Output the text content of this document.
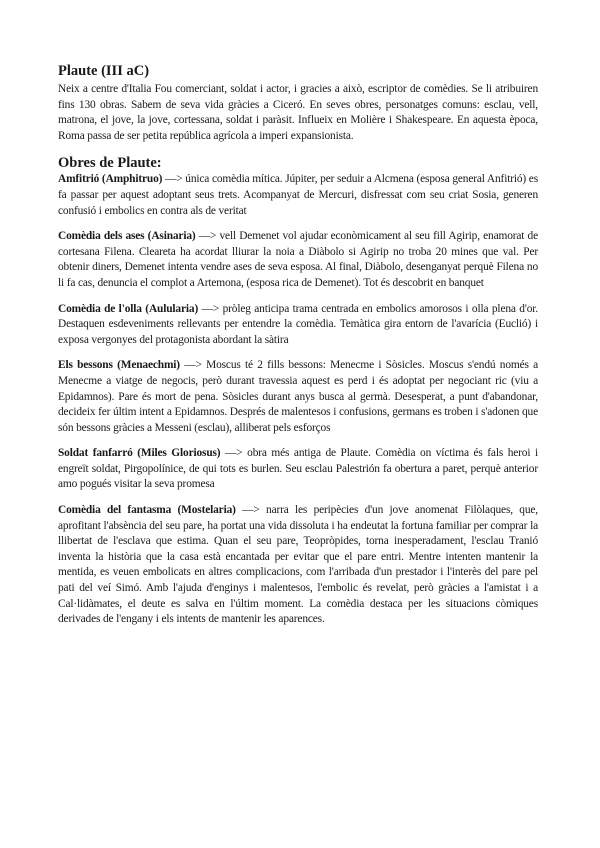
Plaute (III aC)

Neix a centre d'Italia Fou comerciant, soldat i actor, i gracies a això, escriptor de comèdies. Se li atribuiren fins 130 obras. Sabem de seva vida gràcies a Ciceró. En seves obres, personatges comuns: esclau, vell, matrona, el jove, la jove, cortessana, soldat i paràsit. Influeix en Molière i Shakespeare. En aquesta època, Roma passa de ser petita república agrícola a imperi expansionista.

Obres de Plaute:

Amfitrió (Amphitruo) —> única comèdia mítica. Júpiter, per seduir a Alcmena (esposa general Anfitrió) es fa passar per aquest adoptant seus trets. Acompanyat de Mercuri, disfressat com seu criat Sosia, generen confusió i embolics en contra als de veritat

Comèdia dels ases (Asinaria) —> vell Demenet vol ajudar econòmicament al seu fill Agirip, enamorat de cortesana Filena. Cleareta ha acordat lliurar la noia a Diàbolo si Agirip no troba 20 mines que val. Per obtenir diners, Demenet intenta vendre ases de seva esposa. Al final, Diàbolo, desenganyat perquè Filena no li fa cas, denuncia el complot a Artemona, (esposa rica de Demenet). Tot és descobrit en banquet

Comèdia de l'olla (Aulularia) —> pròleg anticipa trama centrada en embolics amorosos i olla plena d'or. Destaquen esdeveniments rellevants per entendre la comèdia. Temàtica gira entorn de l'avarícia (Euclió) i exposa vergonyes del protagonista abordant la sàtira

Els bessons (Menaechmi) —> Moscus té 2 fills bessons: Menecme i Sòsicles. Moscus s'endú només a Menecme a viatge de negocis, però durant travessia aquest es perd i és adoptat per negociant ric (viu a Epidamnos). Pare és mort de pena. Sòsicles durant anys busca al germà. Desesperat, a punt d'abandonar, decideix fer últim intent a Epidamnos. Després de malentesos i confusions, germans es troben i s'adonen que són bessons gràcies a Messeni (esclau), alliberat pels esforços

Soldat fanfarró (Miles Gloriosus) —> obra més antiga de Plaute. Comèdia on víctima és fals heroi i engreït soldat, Pirgopolínice, de qui tots es burlen. Seu esclau Palestrión fa obertura a paret, perquè anterior amo pogués visitar la seva promesa

Comèdia del fantasma (Mostelaria) —> narra les peripècies d'un jove anomenat Filòlaques, que, aprofitant l'absència del seu pare, ha portat una vida dissoluta i ha endeutat la fortuna familiar per comprar la llibertat de l'esclava que estima. Quan el seu pare, Teopròpides, torna inesperadament, l'esclau Tranió inventa la història que la casa està encantada per evitar que el pare entri. Mentre intenten mantenir la mentida, es veuen embolicats en altres complicacions, com l'arribada d'un prestador i l'interès del pare pel pati del veí Simó. Amb l'ajuda d'enginys i malentesos, l'embolic és revelat, però gràcies a l'amistat i a Cal·lidàmates, el deute es salva en l'últim moment. La comèdia destaca per les situacions còmiques derivades de l'engany i els intents de mantenir les aparences.
